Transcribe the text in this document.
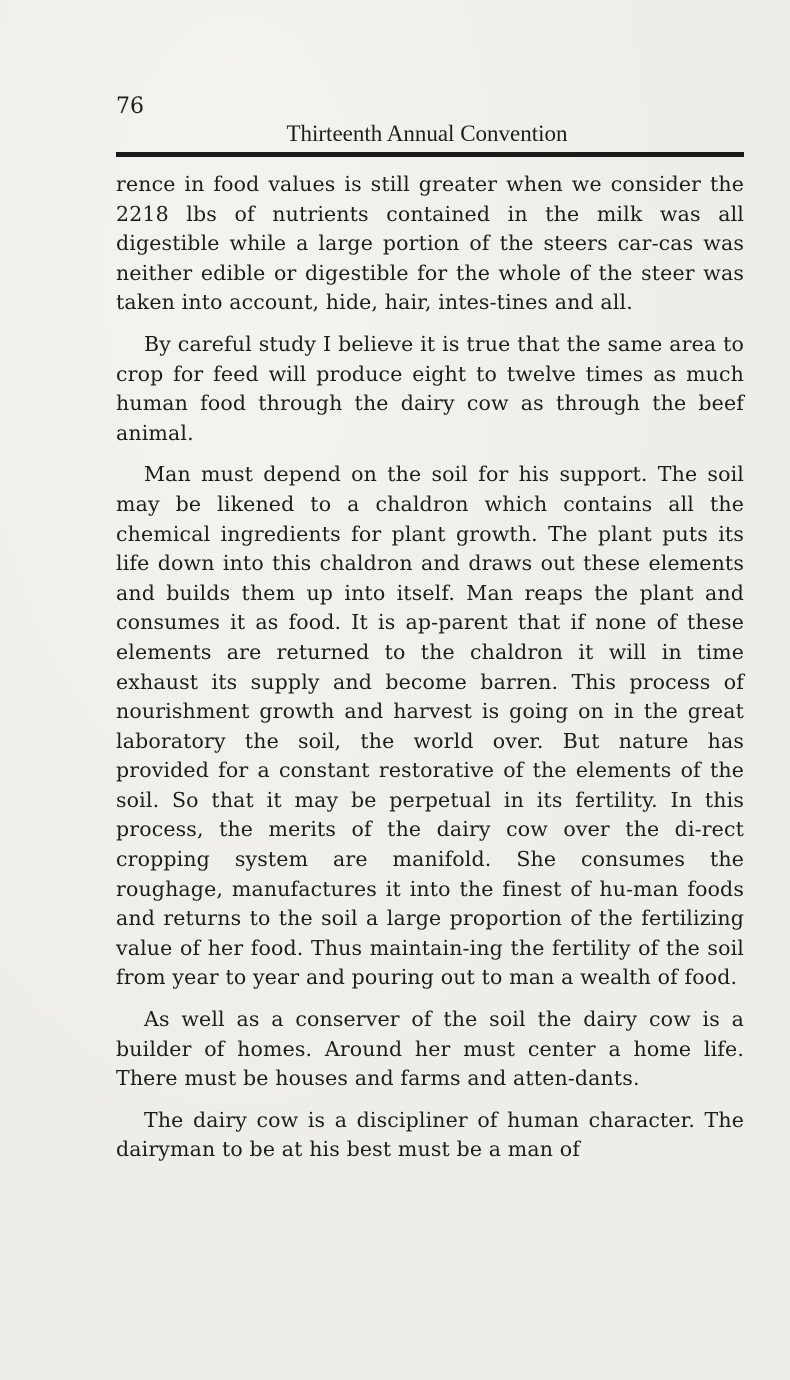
76
Thirteenth Annual Convention

rence in food values is still greater when we consider the 2218 lbs of nutrients contained in the milk was all digestible while a large portion of the steers car-cas was neither edible or digestible for the whole of the steer was taken into account, hide, hair, intes-tines and all.

By careful study I believe it is true that the same area to crop for feed will produce eight to twelve times as much human food through the dairy cow as through the beef animal.

Man must depend on the soil for his support. The soil may be likened to a chaldron which contains all the chemical ingredients for plant growth. The plant puts its life down into this chaldron and draws out these elements and builds them up into itself. Man reaps the plant and consumes it as food. It is ap-parent that if none of these elements are returned to the chaldron it will in time exhaust its supply and become barren. This process of nourishment growth and harvest is going on in the great laboratory the soil, the world over. But nature has provided for a constant restorative of the elements of the soil. So that it may be perpetual in its fertility. In this process, the merits of the dairy cow over the di-rect cropping system are manifold. She consumes the roughage, manufactures it into the finest of hu-man foods and returns to the soil a large proportion of the fertilizing value of her food. Thus maintain-ing the fertility of the soil from year to year and pouring out to man a wealth of food.

As well as a conserver of the soil the dairy cow is a builder of homes. Around her must center a home life. There must be houses and farms and atten-dants.

The dairy cow is a discipliner of human character. The dairyman to be at his best must be a man of
